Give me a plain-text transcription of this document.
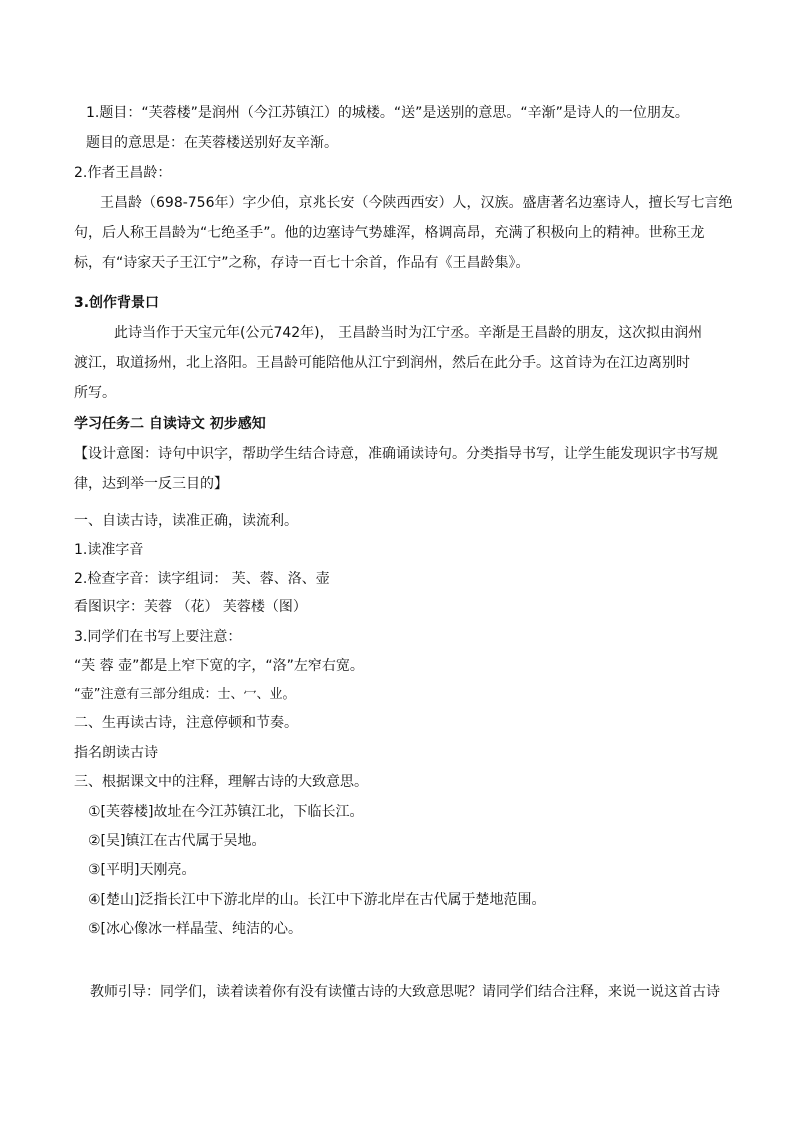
1.题目：“芙蓉楼”是润州（今江苏镇江）的城楼。“送”是送别的意思。“辛渐”是诗人的一位朋友。
题目的意思是：在芙蓉楼送别好友辛渐。
2.作者王昌龄：
王昌龄（698-756年）字少伯，京兆长安（今陕西西安）人，汉族。盛唐著名边塞诗人，擅长写七言绝
句，后人称王昌龄为“七绝圣手”。他的边塞诗气势雄浑，格调高昂，充满了积极向上的精神。世称王龙
标，有“诗家天子王江宁”之称，存诗一百七十余首，作品有《王昌龄集》。
3.创作背景口
此诗当作于天宝元年(公元742年)， 王昌龄当时为江宁丞。辛渐是王昌龄的朋友，这次拟由润州
渡江，取道扬州，北上洛阳。王昌龄可能陪他从江宁到润州，然后在此分手。这首诗为在江边离别时
所写。
学习任务二 自读诗文 初步感知
【设计意图：诗句中识字，帮助学生结合诗意，准确诵读诗句。分类指导书写，让学生能发现识字书写规
律，达到举一反三目的】
一、自读古诗，读准正确，读流利。
1.读准字音
2.检查字音：读字组词： 芙、蓉、洛、壶
看图识字：芙蓉 （花） 芙蓉楼（图）
3.同学们在书写上要注意：
“芙 蓉 壶”都是上窄下宽的字，“洛”左窄右宽。
“壶”注意有三部分组成：士、冖、业。
二、生再读古诗，注意停顿和节奏。
指名朗读古诗
三、根据课文中的注释，理解古诗的大致意思。
①[芙蓉楼]故址在今江苏镇江北，下临长江。
②[吴]镇江在古代属于吴地。
③[平明]天刚亮。
④[楚山]泛指长江中下游北岸的山。长江中下游北岸在古代属于楚地范围。
⑤[冰心像冰一样晶莹、纯洁的心。
教师引导：同学们，读着读着你有没有读懂古诗的大致意思呢？请同学们结合注释，来说一说这首古诗
